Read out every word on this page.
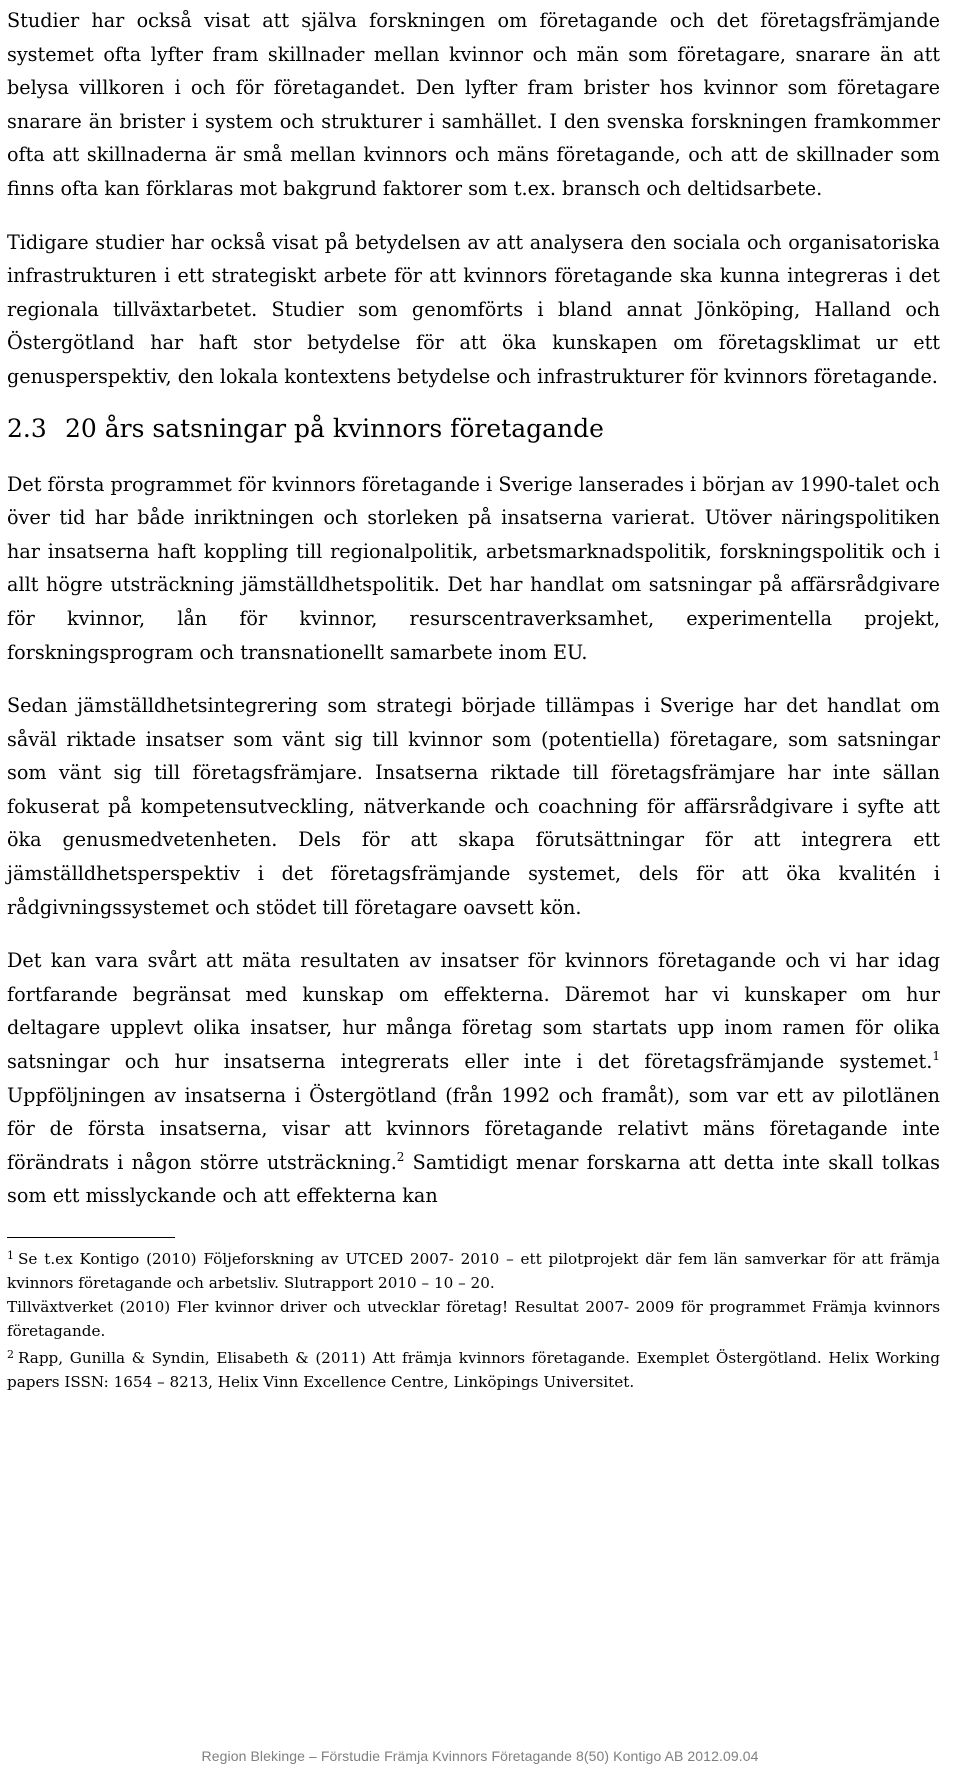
Studier har också visat att själva forskningen om företagande och det företagsfrämjande systemet ofta lyfter fram skillnader mellan kvinnor och män som företagare, snarare än att belysa villkoren i och för företagandet. Den lyfter fram brister hos kvinnor som företagare snarare än brister i system och strukturer i samhället. I den svenska forskningen framkommer ofta att skillnaderna är små mellan kvinnors och mäns företagande, och att de skillnader som finns ofta kan förklaras mot bakgrund faktorer som t.ex. bransch och deltidsarbete.

Tidigare studier har också visat på betydelsen av att analysera den sociala och organisatoriska infrastrukturen i ett strategiskt arbete för att kvinnors företagande ska kunna integreras i det regionala tillväxtarbetet. Studier som genomförts i bland annat Jönköping, Halland och Östergötland har haft stor betydelse för att öka kunskapen om företagsklimat ur ett genusperspektiv, den lokala kontextens betydelse och infrastrukturer för kvinnors företagande.

2.3 20 års satsningar på kvinnors företagande

Det första programmet för kvinnors företagande i Sverige lanserades i början av 1990-talet och över tid har både inriktningen och storleken på insatserna varierat. Utöver näringspolitiken har insatserna haft koppling till regionalpolitik, arbetsmarknadspolitik, forskningspolitik och i allt högre utsträckning jämställdhetspolitik. Det har handlat om satsningar på affärsrådgivare för kvinnor, lån för kvinnor, resurscentraverksamhet, experimentella projekt, forskningsprogram och transnationellt samarbete inom EU.

Sedan jämställdhetsintegrering som strategi började tillämpas i Sverige har det handlat om såväl riktade insatser som vänt sig till kvinnor som (potentiella) företagare, som satsningar som vänt sig till företagsfrämjare. Insatserna riktade till företagsfrämjare har inte sällan fokuserat på kompetensutveckling, nätverkande och coachning för affärsrådgivare i syfte att öka genusmedvetenheten. Dels för att skapa förutsättningar för att integrera ett jämställdhetsperspektiv i det företagsfrämjande systemet, dels för att öka kvalitén i rådgivningssystemet och stödet till företagare oavsett kön.

Det kan vara svårt att mäta resultaten av insatser för kvinnors företagande och vi har idag fortfarande begränsat med kunskap om effekterna. Däremot har vi kunskaper om hur deltagare upplevt olika insatser, hur många företag som startats upp inom ramen för olika satsningar och hur insatserna integrerats eller inte i det företagsfrämjande systemet.$^1$ Uppföljningen av insatserna i Östergötland (från 1992 och framåt), som var ett av pilotlänen för de första insatserna, visar att kvinnors företagande relativt mäns företagande inte förändrats i någon större utsträckning.$^2$ Samtidigt menar forskarna att detta inte skall tolkas som ett misslyckande och att effekterna kan

$^1$ Se t.ex Kontigo (2010) Följeforskning av UTCED 2007- 2010 – ett pilotprojekt där fem län samverkar för att främja kvinnors företagande och arbetsliv. Slutrapport 2010 – 10 – 20.

Tillväxtverket (2010) Fler kvinnor driver och utvecklar företag! Resultat 2007- 2009 för programmet Främja kvinnors företagande.

$^2$ Rapp, Gunilla & Syndin, Elisabeth & (2011) Att främja kvinnors företagande. Exemplet Östergötland. Helix Working papers ISSN: 1654 – 8213, Helix Vinn Excellence Centre, Linköpings Universitet.

Region Blekinge – Förstudie Främja Kvinnors Företagande 8(50) Kontigo AB 2012.09.04
